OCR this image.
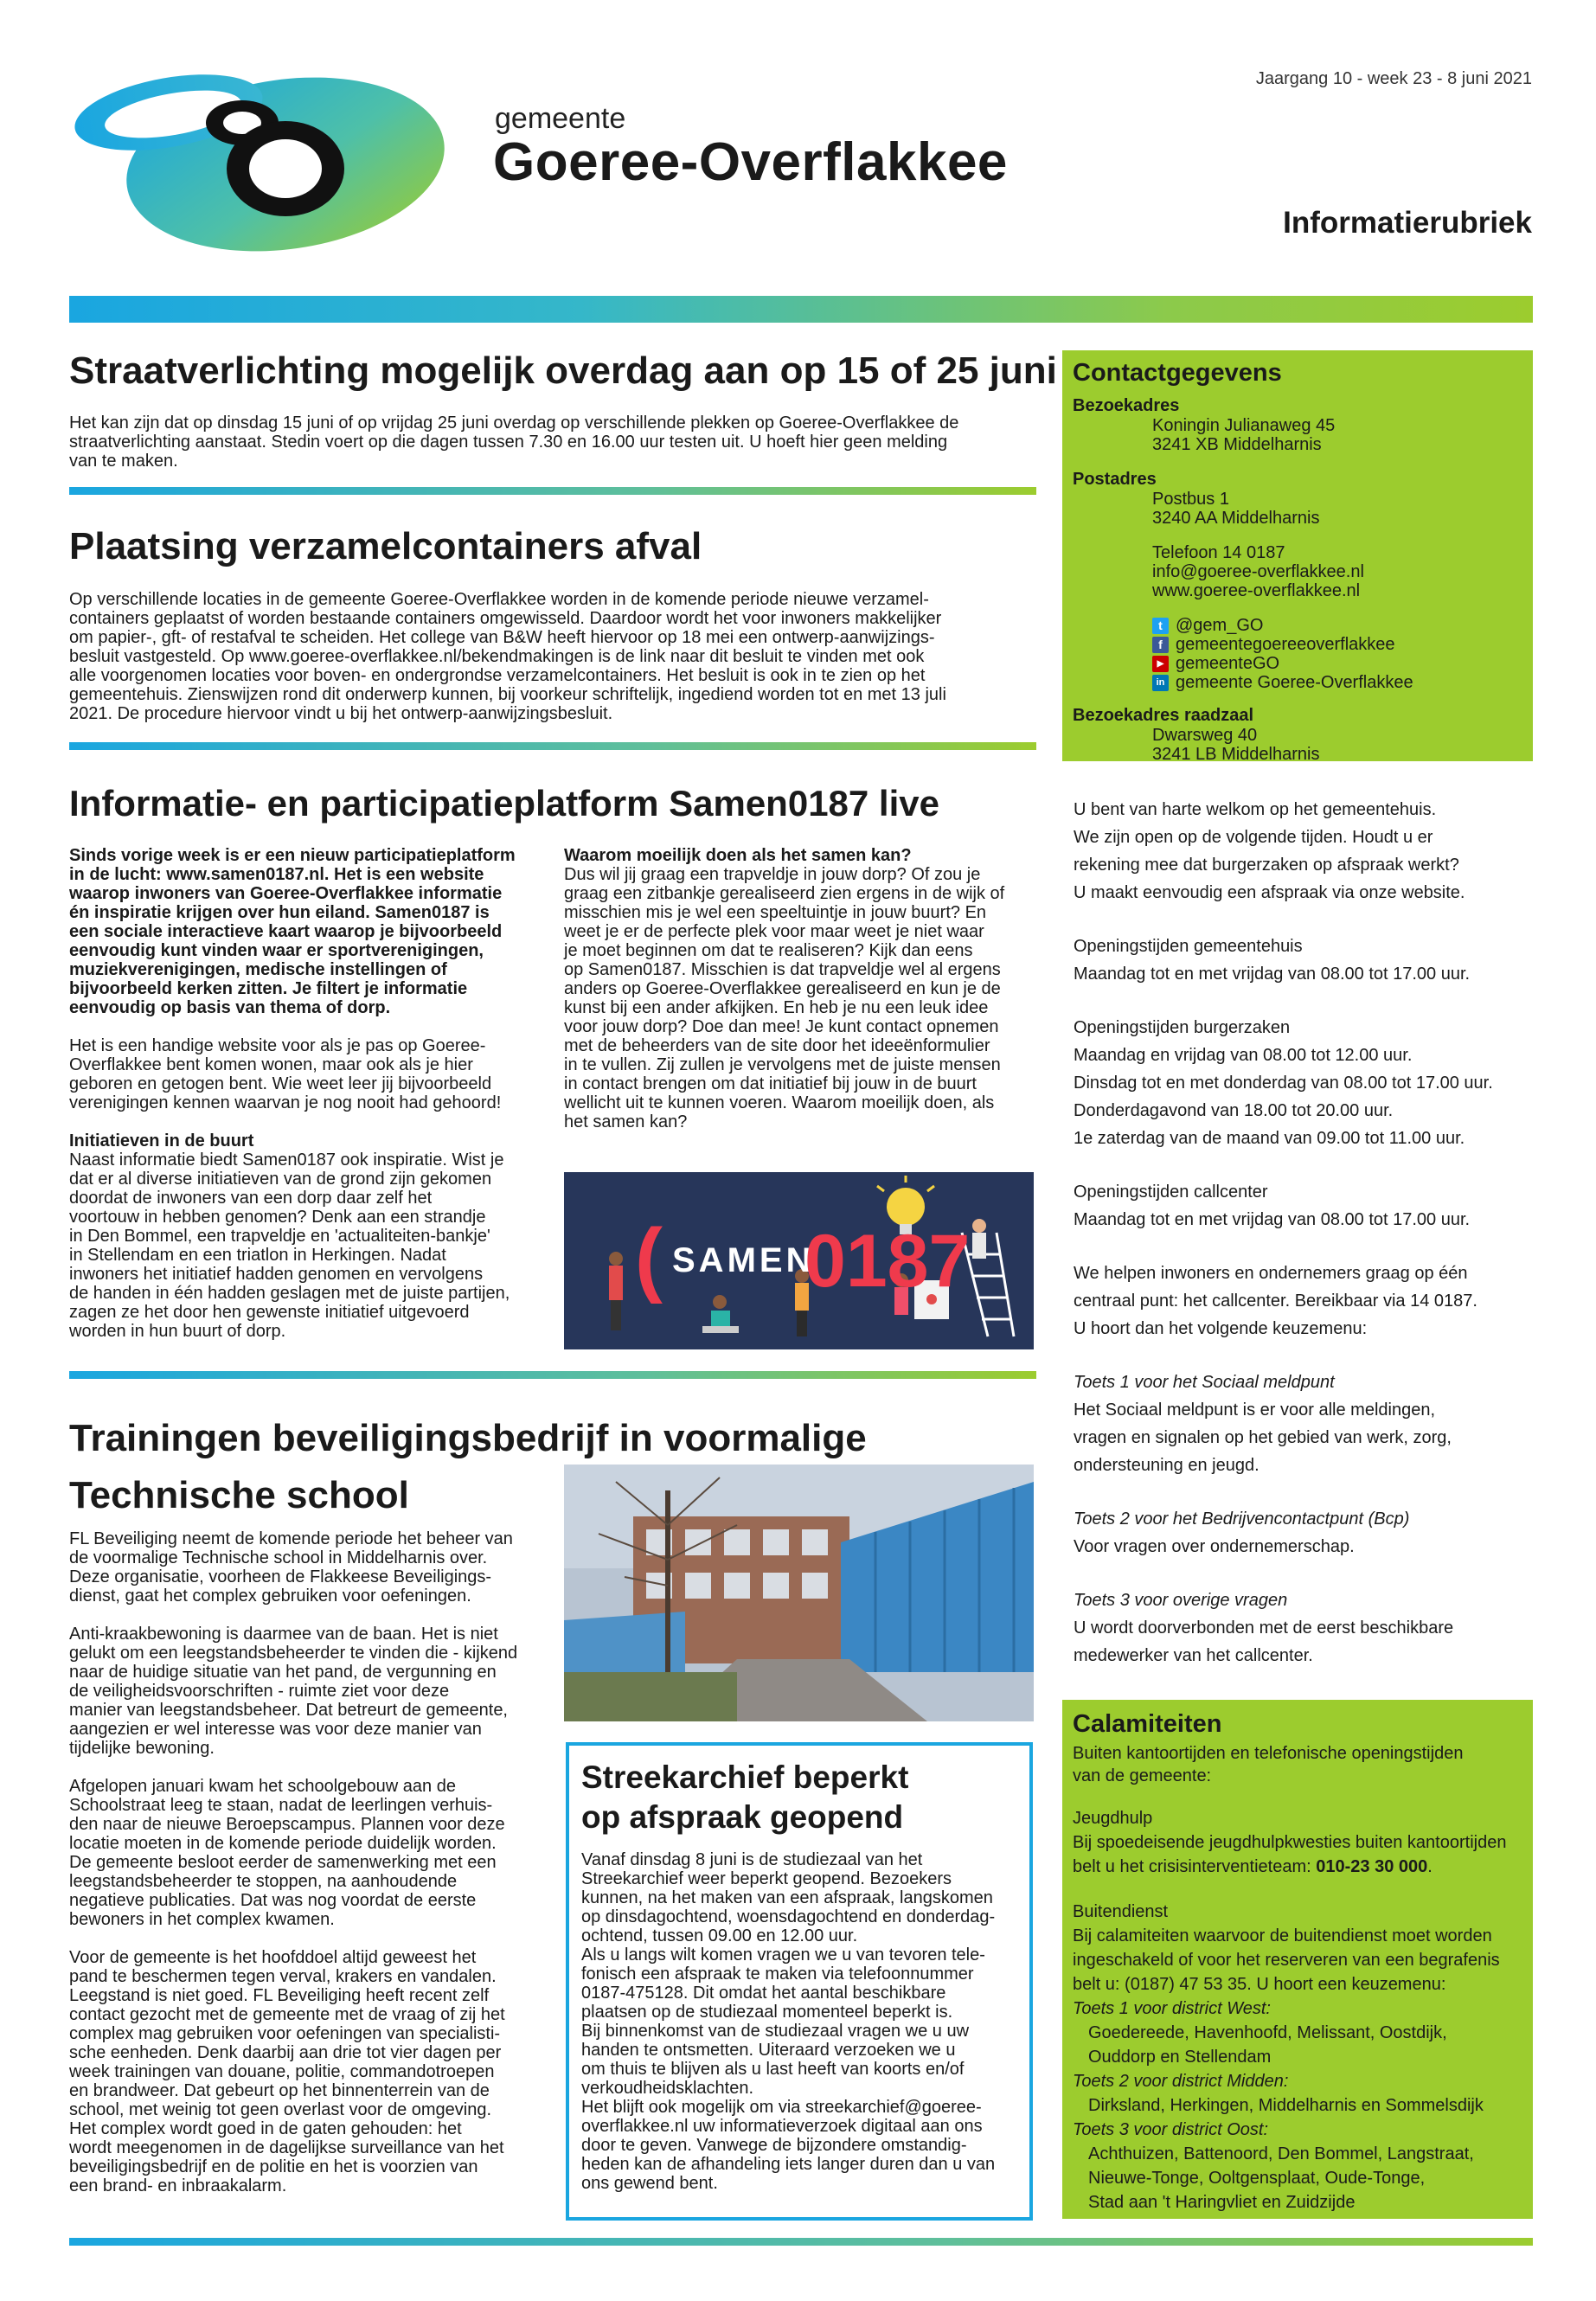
gemeente
Goeree-Overflakkee
Jaargang 10 - week 23 - 8 juni 2021
Informatierubriek
Straatverlichting mogelijk overdag aan op 15 of 25 juni

Het kan zijn dat op dinsdag 15 juni of op vrijdag 25 juni overdag op verschillende plekken op Goeree-Overflakkee de

straatverlichting aanstaat. Stedin voert op die dagen tussen 7.30 en 16.00 uur testen uit. U hoeft hier geen melding

van te maken.

Plaatsing verzamelcontainers afval

Op verschillende locaties in de gemeente Goeree-Overflakkee worden in de komende periode nieuwe verzamel-

containers geplaatst of worden bestaande containers omgewisseld. Daardoor wordt het voor inwoners makkelijker

om papier-, gft- of restafval te scheiden. Het college van B&W heeft hiervoor op 18 mei een ontwerp-aanwijzings-

besluit vastgesteld. Op www.goeree-overflakkee.nl/bekendmakingen is de link naar dit besluit te vinden met ook

alle voorgenomen locaties voor boven- en ondergrondse verzamelcontainers. Het besluit is ook in te zien op het

gemeentehuis. Zienswijzen rond dit onderwerp kunnen, bij voorkeur schriftelijk, ingediend worden tot en met 13 juli

2021. De procedure hiervoor vindt u bij het ontwerp-aanwijzingsbesluit.

Informatie- en participatieplatform Samen0187 live

Sinds vorige week is er een nieuw participatieplatform

in de lucht: www.samen0187.nl. Het is een website

waarop inwoners van Goeree-Overflakkee informatie

én inspiratie krijgen over hun eiland. Samen0187 is

een sociale interactieve kaart waarop je bijvoorbeeld

eenvoudig kunt vinden waar er sportverenigingen,

muziekverenigingen, medische instellingen of

bijvoorbeeld kerken zitten. Je filtert je informatie

eenvoudig op basis van thema of dorp.

Het is een handige website voor als je pas op Goeree-

Overflakkee bent komen wonen, maar ook als je hier

geboren en getogen bent. Wie weet leer jij bijvoorbeeld

verenigingen kennen waarvan je nog nooit had gehoord!

Initiatieven in de buurt

Naast informatie biedt Samen0187 ook inspiratie. Wist je

dat er al diverse initiatieven van de grond zijn gekomen

doordat de inwoners van een dorp daar zelf het

voortouw in hebben genomen? Denk aan een strandje

in Den Bommel, een trapveldje en 'actualiteiten-bankje'

in Stellendam en een triatlon in Herkingen. Nadat

inwoners het initiatief hadden genomen en vervolgens

de handen in één hadden geslagen met de juiste partijen,

zagen ze het door hen gewenste initiatief uitgevoerd

worden in hun buurt of dorp.

Waarom moeilijk doen als het samen kan?

Dus wil jij graag een trapveldje in jouw dorp? Of zou je

graag een zitbankje gerealiseerd zien ergens in de wijk of

misschien mis je wel een speeltuintje in jouw buurt? En

weet je er de perfecte plek voor maar weet je niet waar

je moet beginnen om dat te realiseren? Kijk dan eens

op Samen0187. Misschien is dat trapveldje wel al ergens

anders op Goeree-Overflakkee gerealiseerd en kun je de

kunst bij een ander afkijken. En heb je nu een leuk idee

voor jouw dorp? Doe dan mee! Je kunt contact opnemen

met de beheerders van de site door het ideeënformulier

in te vullen. Zij zullen je vervolgens met de juiste mensen

in contact brengen om dat initiatief bij jouw in de buurt

wellicht uit te kunnen voeren. Waarom moeilijk doen, als

het samen kan?

( SAMEN
0187
Trainingen beveiligingsbedrijf in voormalige
Technische school

FL Beveiliging neemt de komende periode het beheer van

de voormalige Technische school in Middelharnis over.

Deze organisatie, voorheen de Flakkeese Beveiligings-

dienst, gaat het complex gebruiken voor oefeningen.

Anti-kraakbewoning is daarmee van de baan. Het is niet

gelukt om een leegstandsbeheerder te vinden die - kijkend

naar de huidige situatie van het pand, de vergunning en

de veiligheidsvoorschriften - ruimte ziet voor deze

manier van leegstandsbeheer. Dat betreurt de gemeente,

aangezien er wel interesse was voor deze manier van

tijdelijke bewoning.

Afgelopen januari kwam het schoolgebouw aan de

Schoolstraat leeg te staan, nadat de leerlingen verhuis-

den naar de nieuwe Beroepscampus. Plannen voor deze

locatie moeten in de komende periode duidelijk worden.

De gemeente besloot eerder de samenwerking met een

leegstandsbeheerder te stoppen, na aanhoudende

negatieve publicaties. Dat was nog voordat de eerste

bewoners in het complex kwamen.

Voor de gemeente is het hoofddoel altijd geweest het

pand te beschermen tegen verval, krakers en vandalen.

Leegstand is niet goed. FL Beveiliging heeft recent zelf

contact gezocht met de gemeente met de vraag of zij het

complex mag gebruiken voor oefeningen van specialisti-

sche eenheden. Denk daarbij aan drie tot vier dagen per

week trainingen van douane, politie, commandotroepen

en brandweer. Dat gebeurt op het binnenterrein van de

school, met weinig tot geen overlast voor de omgeving.

Het complex wordt goed in de gaten gehouden: het

wordt meegenomen in de dagelijkse surveillance van het

beveiligingsbedrijf en de politie en het is voorzien van

een brand- en inbraakalarm.

Streekarchief beperkt
op afspraak geopend

Vanaf dinsdag 8 juni is de studiezaal van het

Streekarchief weer beperkt geopend. Bezoekers

kunnen, na het maken van een afspraak, langskomen

op dinsdagochtend, woensdagochtend en donderdag-

ochtend, tussen 09.00 en 12.00 uur.

Als u langs wilt komen vragen we u van tevoren tele-

fonisch een afspraak te maken via telefoonnummer

0187-475128. Dit omdat het aantal beschikbare

plaatsen op de studiezaal momenteel beperkt is.

Bij binnenkomst van de studiezaal vragen we u uw

handen te ontsmetten. Uiteraard verzoeken we u

om thuis te blijven als u last heeft van koorts en/of

verkoudheidsklachten.

Het blijft ook mogelijk om via streekarchief@goeree-

overflakkee.nl uw informatieverzoek digitaal aan ons

door te geven. Vanwege de bijzondere omstandig-

heden kan de afhandeling iets langer duren dan u van

ons gewend bent.

Contactgegevens
Bezoekadres
Koningin Julianaweg 45
3241 XB Middelharnis
Postadres
Postbus 1
3240 AA Middelharnis
Telefoon 14 0187
info@goeree-overflakkee.nl
www.goeree-overflakkee.nl
t @gem_GO
f gemeentegoereeoverflakkee
▶ gemeenteGO
in gemeente Goeree-Overflakkee
Bezoekadres raadzaal
Dwarsweg 40
3241 LB Middelharnis
U bent van harte welkom op het gemeentehuis.
We zijn open op de volgende tijden. Houdt u er
rekening mee dat burgerzaken op afspraak werkt?
U maakt eenvoudig een afspraak via onze website.
Openingstijden gemeentehuis
Maandag tot en met vrijdag van 08.00 tot 17.00 uur.
Openingstijden burgerzaken
Maandag en vrijdag van 08.00 tot 12.00 uur.
Dinsdag tot en met donderdag van 08.00 tot 17.00 uur.
Donderdagavond van 18.00 tot 20.00 uur.
1e zaterdag van de maand van 09.00 tot 11.00 uur.
Openingstijden callcenter
Maandag tot en met vrijdag van 08.00 tot 17.00 uur.
We helpen inwoners en ondernemers graag op één
centraal punt: het callcenter. Bereikbaar via 14 0187.
U hoort dan het volgende keuzemenu:
Toets 1 voor het Sociaal meldpunt
Het Sociaal meldpunt is er voor alle meldingen,
vragen en signalen op het gebied van werk, zorg,
ondersteuning en jeugd.
Toets 2 voor het Bedrijvencontactpunt (Bcp)
Voor vragen over ondernemerschap.
Toets 3 voor overige vragen
U wordt doorverbonden met de eerst beschikbare
medewerker van het callcenter.
Calamiteiten
Buiten kantoortijden en telefonische openingstijden
van de gemeente:
Jeugdhulp
Bij spoedeisende jeugdhulpkwesties buiten kantoortijden
belt u het crisisinterventieteam: 010-23 30 000.
Buitendienst
Bij calamiteiten waarvoor de buitendienst moet worden
ingeschakeld of voor het reserveren van een begrafenis
belt u: (0187) 47 53 35. U hoort een keuzemenu:
Toets 1 voor district West:
Goedereede, Havenhoofd, Melissant, Oostdijk,
Ouddorp en Stellendam
Toets 2 voor district Midden:
Dirksland, Herkingen, Middelharnis en Sommelsdijk
Toets 3 voor district Oost:
Achthuizen, Battenoord, Den Bommel, Langstraat,
Nieuwe-Tonge, Ooltgensplaat, Oude-Tonge,
Stad aan 't Haringvliet en Zuidzijde
